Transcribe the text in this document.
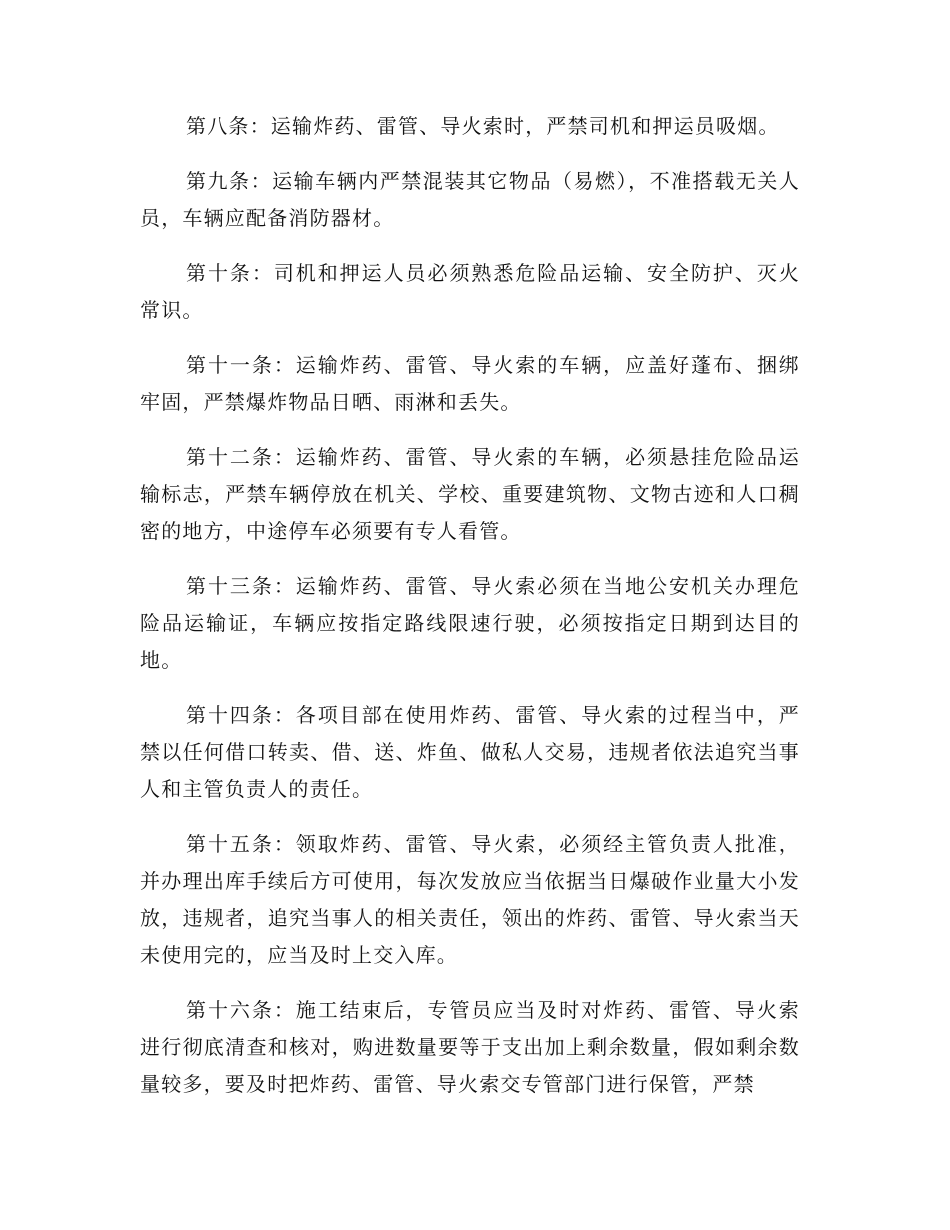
第八条：运输炸药、雷管、导火索时，严禁司机和押运员吸烟。

第九条：运输车辆内严禁混装其它物品（易燃），不准搭载无关人员，车辆应配备消防器材。

第十条：司机和押运人员必须熟悉危险品运输、安全防护、灭火常识。

第十一条：运输炸药、雷管、导火索的车辆，应盖好蓬布、捆绑牢固，严禁爆炸物品日晒、雨淋和丢失。

第十二条：运输炸药、雷管、导火索的车辆，必须悬挂危险品运输标志，严禁车辆停放在机关、学校、重要建筑物、文物古迹和人口稠密的地方，中途停车必须要有专人看管。

第十三条：运输炸药、雷管、导火索必须在当地公安机关办理危险品运输证，车辆应按指定路线限速行驶，必须按指定日期到达目的地。

第十四条：各项目部在使用炸药、雷管、导火索的过程当中，严禁以任何借口转卖、借、送、炸鱼、做私人交易，违规者依法追究当事人和主管负责人的责任。

第十五条：领取炸药、雷管、导火索，必须经主管负责人批准，并办理出库手续后方可使用，每次发放应当依据当日爆破作业量大小发放，违规者，追究当事人的相关责任，领出的炸药、雷管、导火索当天未使用完的，应当及时上交入库。

第十六条：施工结束后，专管员应当及时对炸药、雷管、导火索进行彻底清查和核对，购进数量要等于支出加上剩余数量，假如剩余数量较多，要及时把炸药、雷管、导火索交专管部门进行保管，严禁
